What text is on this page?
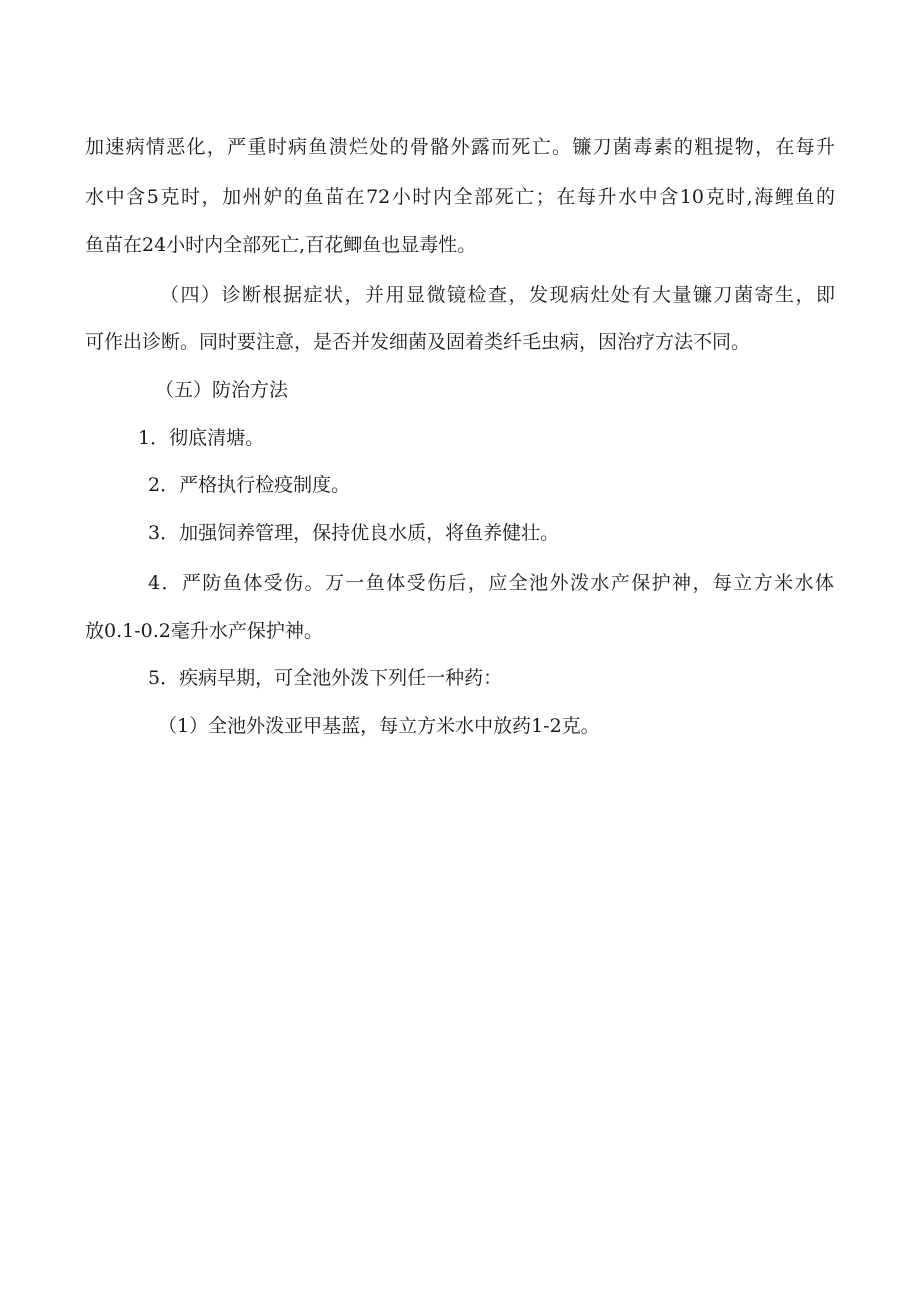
加速病情恶化，严重时病鱼溃烂处的骨骼外露而死亡。镰刀菌毒素的粗提物，在每升
水中含5克时，加州妒的鱼苗在72小时内全部死亡；在每升水中含10克时,海鲤鱼的
鱼苗在24小时内全部死亡,百花鲫鱼也显毒性。
（四）诊断根据症状，并用显微镜检查，发现病灶处有大量镰刀菌寄生，即
可作出诊断。同时要注意，是否并发细菌及固着类纤毛虫病，因治疗方法不同。
（五）防治方法
1．彻底清塘。
2．严格执行检疫制度。
3．加强饲养管理，保持优良水质，将鱼养健壮。
4．严防鱼体受伤。万一鱼体受伤后，应全池外泼水产保护神，每立方米水体
放0.1-0.2毫升水产保护神。
5．疾病早期，可全池外泼下列任一种药：
（1）全池外泼亚甲基蓝，每立方米水中放药1-2克。
